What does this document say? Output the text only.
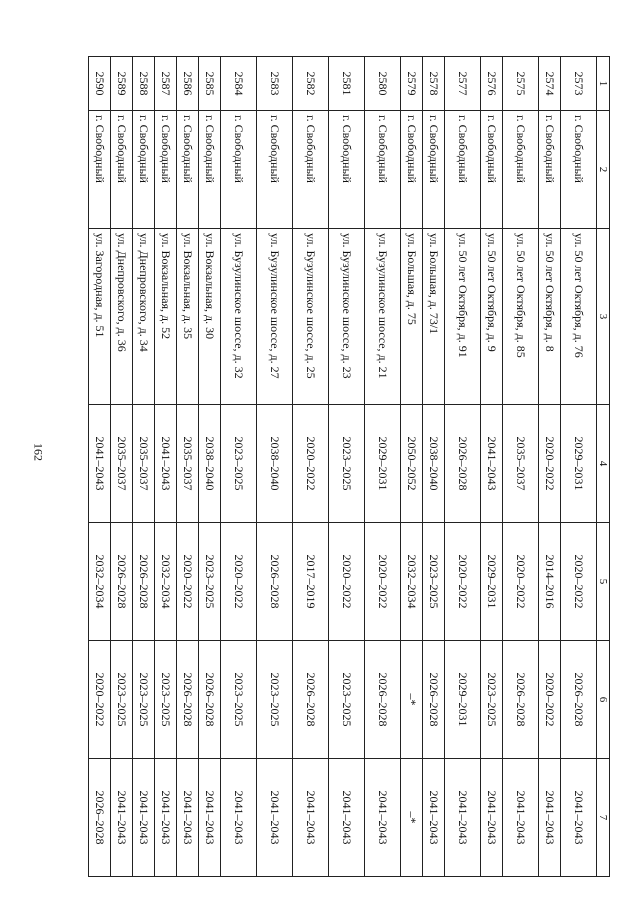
162
1	2	3	4	5	6	7
2573	г. Свободный	ул. 50 лет Октября, д. 76	2029–2031	2020–2022	2026–2028	2041–2043
2574	г. Свободный	ул. 50 лет Октября, д. 8	2020–2022	2014–2016	2020–2022	2041–2043
2575	г. Свободный	ул. 50 лет Октября, д. 85	2035–2037	2020–2022	2026–2028	2041–2043
2576	г. Свободный	ул. 50 лет Октября, д. 9	2041–2043	2029–2031	2023–2025	2041–2043
2577	г. Свободный	ул. 50 лет Октября, д. 91	2026–2028	2020–2022	2029–2031	2041–2043
2578	г. Свободный	ул. Большая, д. 73/1	2038–2040	2023–2025	2026–2028	2041–2043
2579	г. Свободный	ул. Большая, д. 75	2050–2052	2032–2034	–*	–*
2580	г. Свободный	ул. Бузулинское шоссе, д. 21	2029–2031	2020–2022	2026–2028	2041–2043
2581	г. Свободный	ул. Бузулинское шоссе, д. 23	2023–2025	2020–2022	2023–2025	2041–2043
2582	г. Свободный	ул. Бузулинское шоссе, д. 25	2020–2022	2017–2019	2026–2028	2041–2043
2583	г. Свободный	ул. Бузулинское шоссе, д. 27	2038–2040	2026–2028	2023–2025	2041–2043
2584	г. Свободный	ул. Бузулинское шоссе, д. 32	2023–2025	2020–2022	2023–2025	2041–2043
2585	г. Свободный	ул. Вокзальная, д. 30	2038–2040	2023–2025	2026–2028	2041–2043
2586	г. Свободный	ул. Вокзальная, д. 35	2035–2037	2020–2022	2026–2028	2041–2043
2587	г. Свободный	ул. Вокзальная, д. 52	2041–2043	2032–2034	2023–2025	2041–2043
2588	г. Свободный	ул. Днепровского, д. 34	2035–2037	2026–2028	2023–2025	2041–2043
2589	г. Свободный	ул. Днепровского, д. 36	2035–2037	2026–2028	2023–2025	2041–2043
2590	г. Свободный	ул. Загородная, д. 51	2041–2043	2032–2034	2020–2022	2026–2028
